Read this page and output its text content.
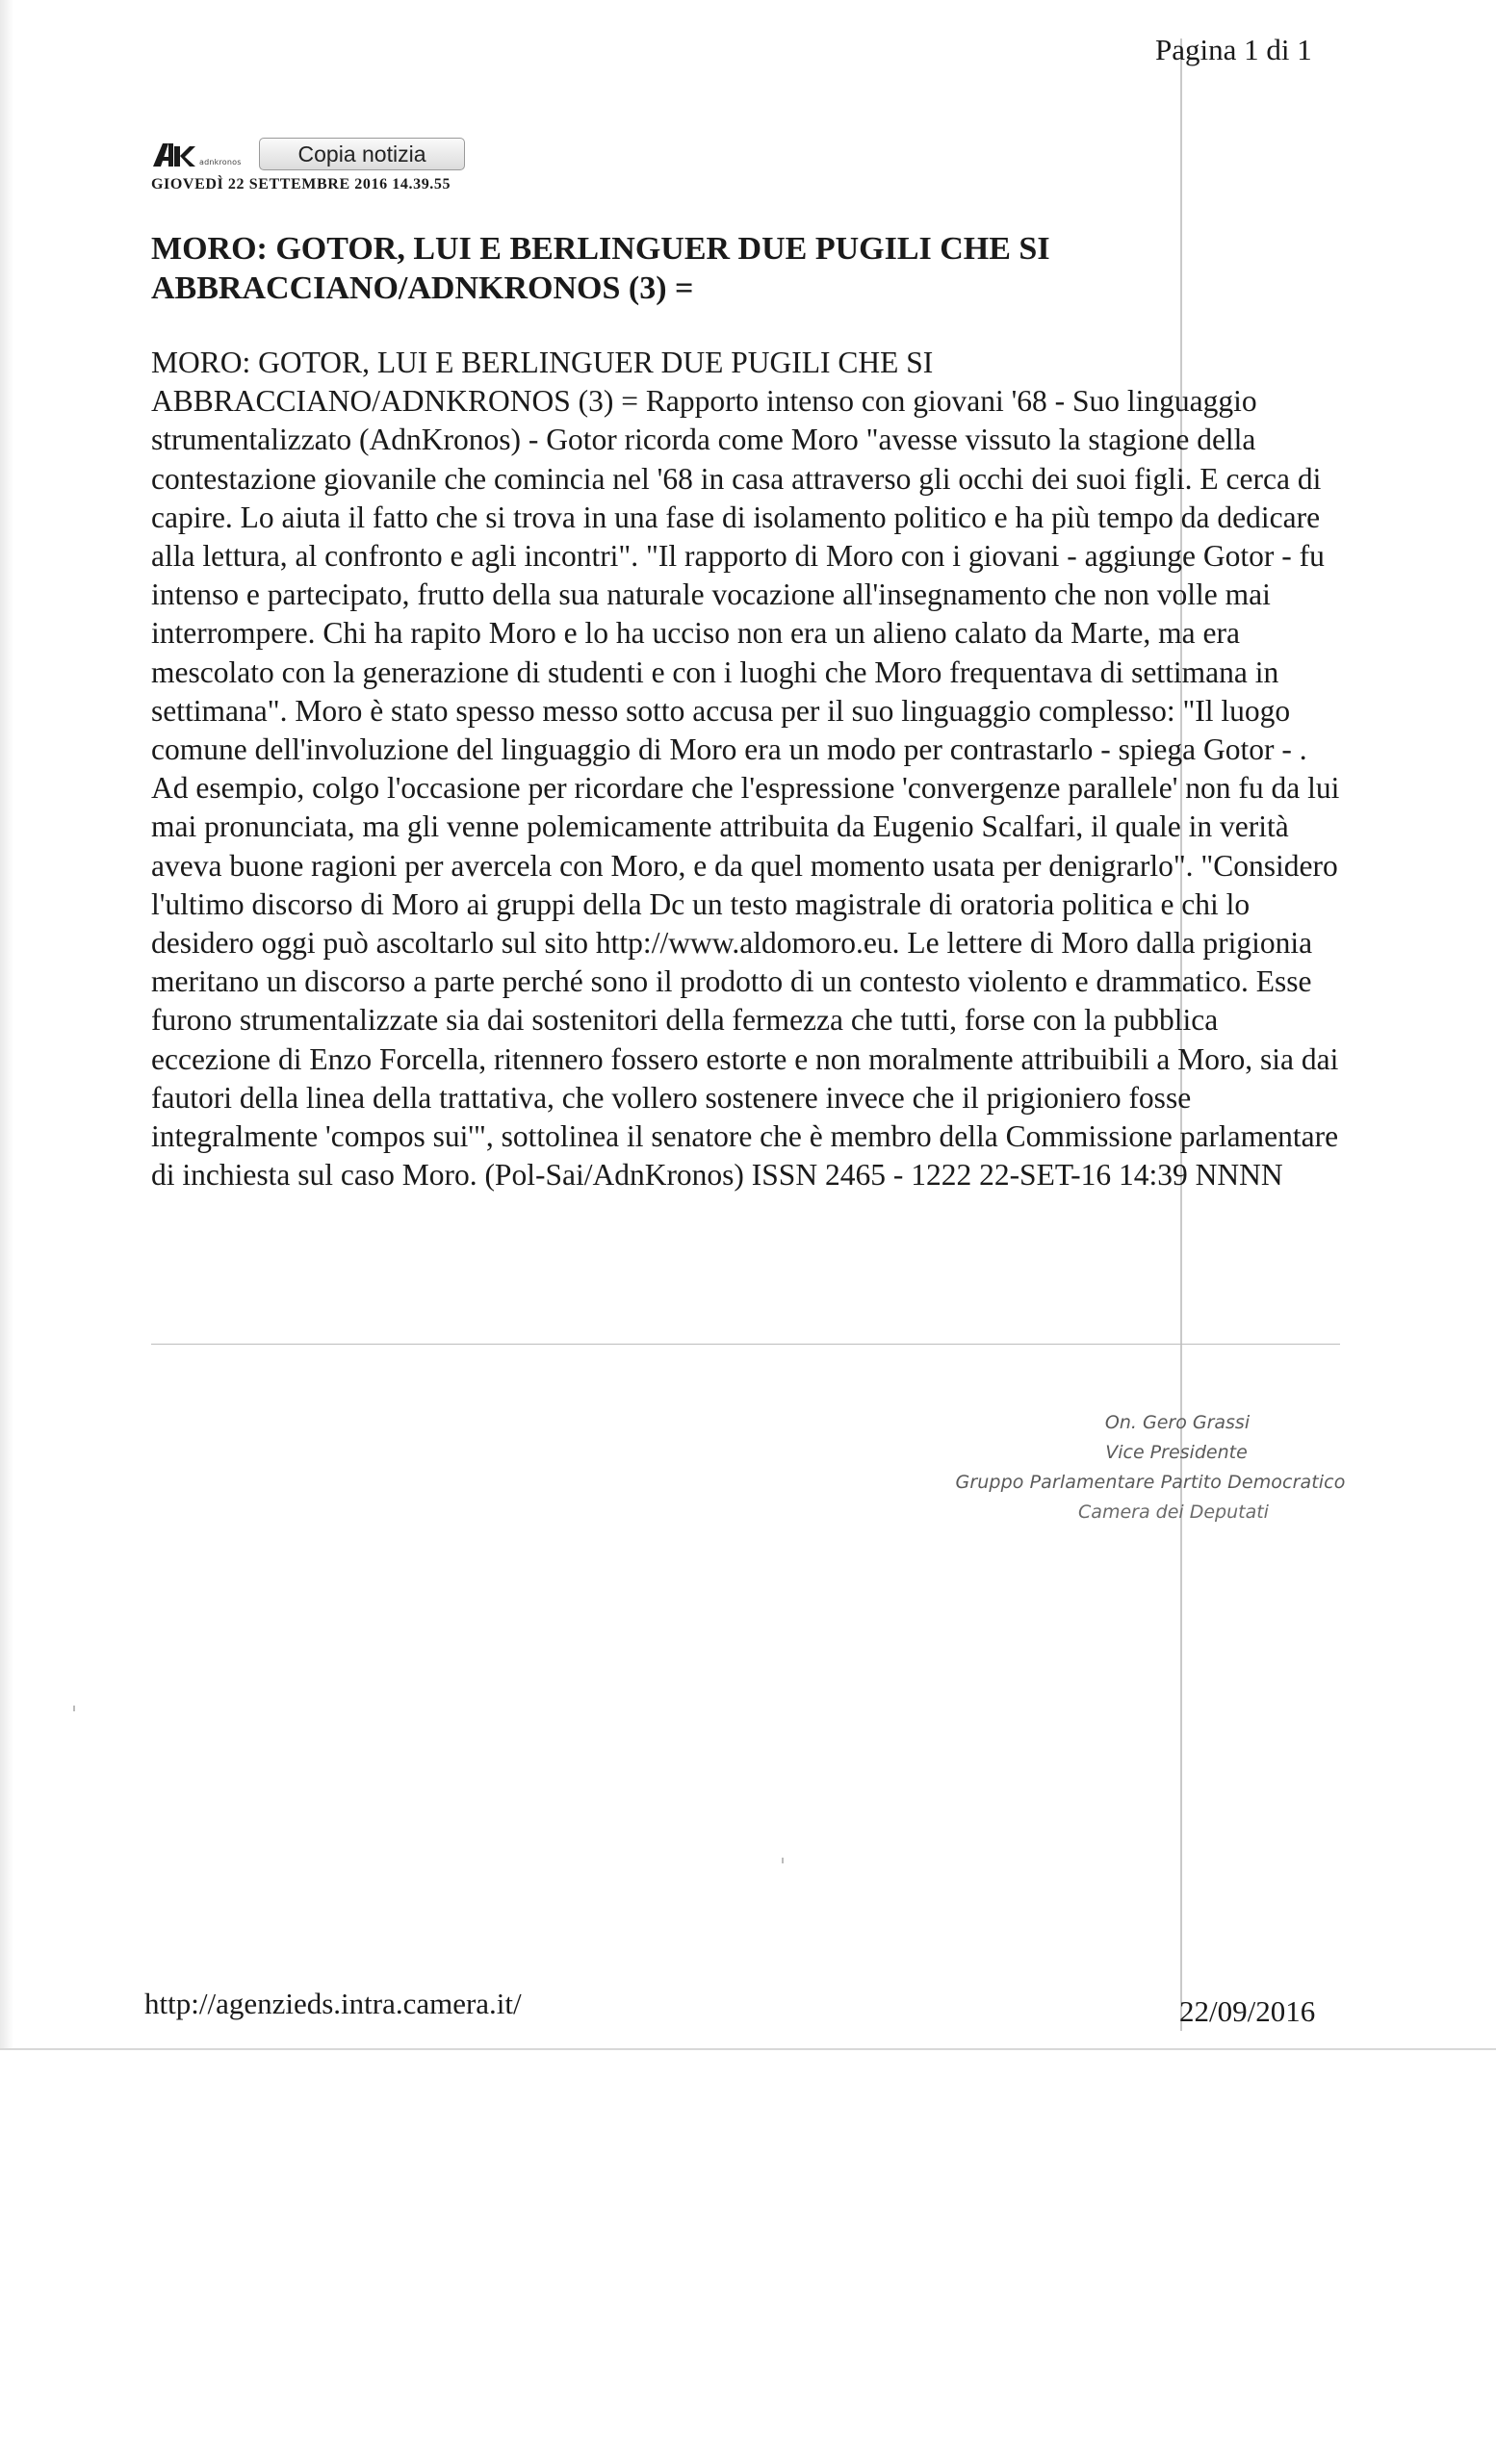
Pagina 1 di 1
adnkronos	Copia notizia
GIOVEDÌ 22 SETTEMBRE 2016 14.39.55
MORO: GOTOR, LUI E BERLINGUER DUE PUGILI CHE SI ABBRACCIANO/ADNKRONOS (3) =

MORO: GOTOR, LUI E BERLINGUER DUE PUGILI CHE SI ABBRACCIANO/ADNKRONOS (3) = Rapporto intenso con giovani '68 - Suo linguaggio strumentalizzato (AdnKronos) - Gotor ricorda come Moro "avesse vissuto la stagione della contestazione giovanile che comincia nel '68 in casa attraverso gli occhi dei suoi figli. E cerca di capire. Lo aiuta il fatto che si trova in una fase di isolamento politico e ha più tempo da dedicare alla lettura, al confronto e agli incontri". "Il rapporto di Moro con i giovani - aggiunge Gotor - fu intenso e partecipato, frutto della sua naturale vocazione all'insegnamento che non volle mai interrompere. Chi ha rapito Moro e lo ha ucciso non era un alieno calato da Marte, ma era mescolato con la generazione di studenti e con i luoghi che Moro frequentava di settimana in settimana". Moro è stato spesso messo sotto accusa per il suo linguaggio complesso: "Il luogo comune dell'involuzione del linguaggio di Moro era un modo per contrastarlo - spiega Gotor - . Ad esempio, colgo l'occasione per ricordare che l'espressione 'convergenze parallele' non fu da lui mai pronunciata, ma gli venne polemicamente attribuita da Eugenio Scalfari, il quale in verità aveva buone ragioni per avercela con Moro, e da quel momento usata per denigrarlo". "Considero l'ultimo discorso di Moro ai gruppi della Dc un testo magistrale di oratoria politica e chi lo desidero oggi può ascoltarlo sul sito http://www.aldomoro.eu. Le lettere di Moro dalla prigionia meritano un discorso a parte perché sono il prodotto di un contesto violento e drammatico. Esse furono strumentalizzate sia dai sostenitori della fermezza che tutti, forse con la pubblica eccezione di Enzo Forcella, ritennero fossero estorte e non moralmente attribuibili a Moro, sia dai fautori della linea della trattativa, che vollero sostenere invece che il prigioniero fosse integralmente 'compos sui'", sottolinea il senatore che è membro della Commissione parlamentare di inchiesta sul caso Moro. (Pol-Sai/AdnKronos) ISSN 2465 - 1222 22-SET-16 14:39 NNNN

On. Gero Grassi
Vice Presidente
Gruppo Parlamentare Partito Democratico
Camera dei Deputati
http://agenzieds.intra.camera.it/	22/09/2016
